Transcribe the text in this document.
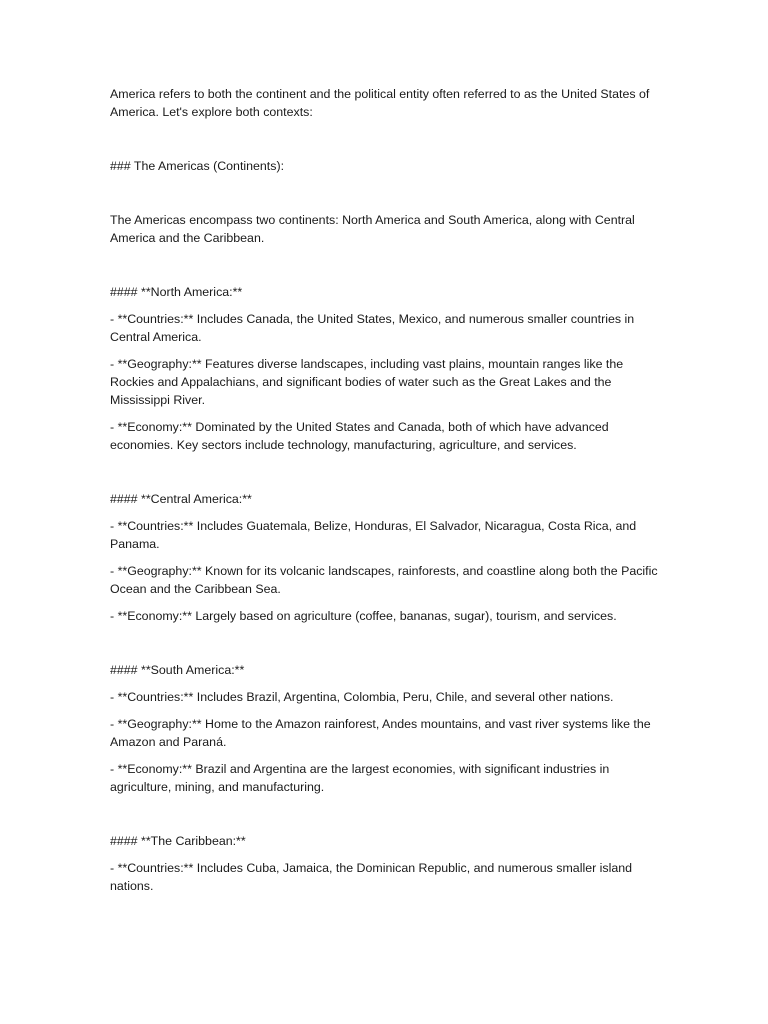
America refers to both the continent and the political entity often referred to as the United States of America. Let's explore both contexts:

### The Americas (Continents):

The Americas encompass two continents: North America and South America, along with Central America and the Caribbean.

#### **North America:**

- **Countries:** Includes Canada, the United States, Mexico, and numerous smaller countries in Central America.

- **Geography:** Features diverse landscapes, including vast plains, mountain ranges like the Rockies and Appalachians, and significant bodies of water such as the Great Lakes and the Mississippi River.

- **Economy:** Dominated by the United States and Canada, both of which have advanced economies. Key sectors include technology, manufacturing, agriculture, and services.

#### **Central America:**

- **Countries:** Includes Guatemala, Belize, Honduras, El Salvador, Nicaragua, Costa Rica, and Panama.

- **Geography:** Known for its volcanic landscapes, rainforests, and coastline along both the Pacific Ocean and the Caribbean Sea.

- **Economy:** Largely based on agriculture (coffee, bananas, sugar), tourism, and services.

#### **South America:**

- **Countries:** Includes Brazil, Argentina, Colombia, Peru, Chile, and several other nations.

- **Geography:** Home to the Amazon rainforest, Andes mountains, and vast river systems like the Amazon and Paraná.

- **Economy:** Brazil and Argentina are the largest economies, with significant industries in agriculture, mining, and manufacturing.

#### **The Caribbean:**

- **Countries:** Includes Cuba, Jamaica, the Dominican Republic, and numerous smaller island nations.
